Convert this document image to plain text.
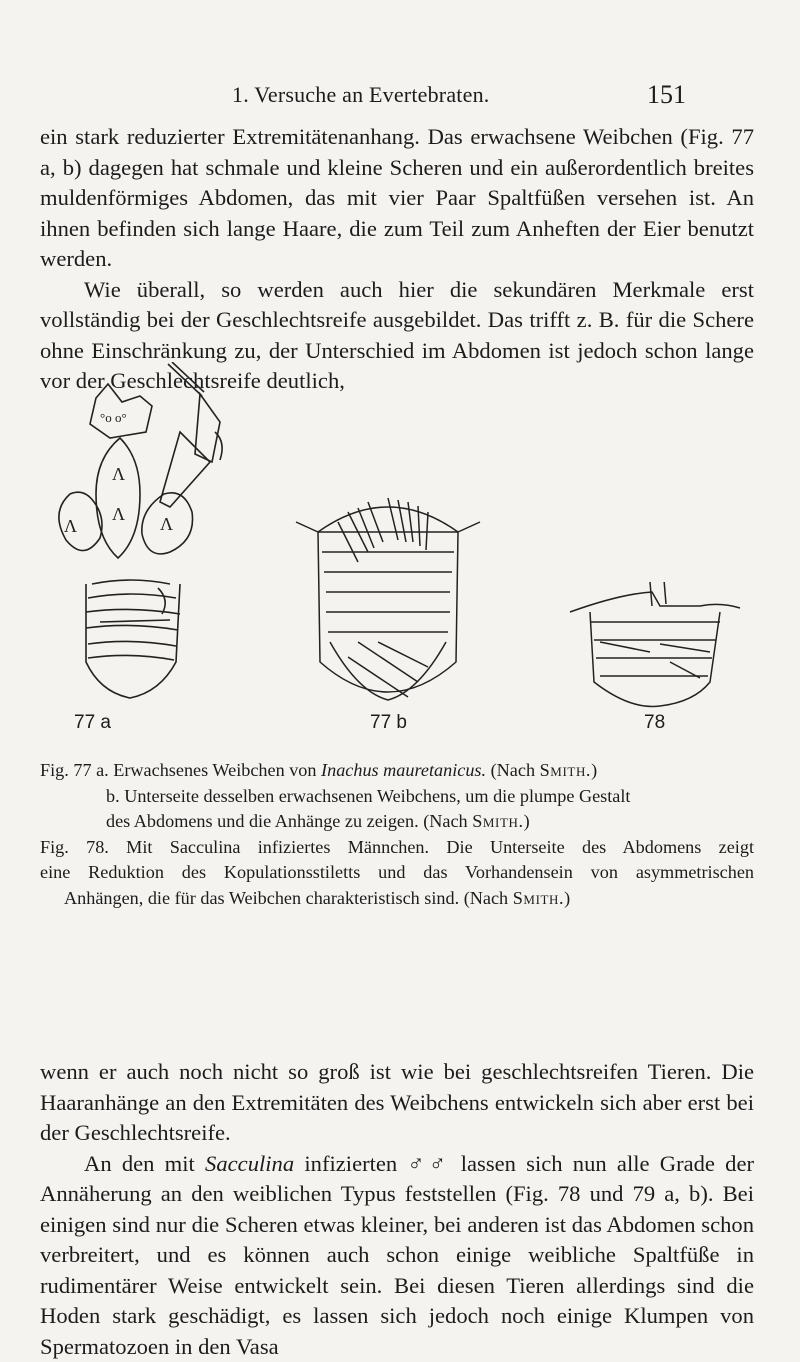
1. Versuche an Evertebraten.	151

ein stark reduzierter Extremitätenanhang. Das erwachsene Weibchen (Fig. 77 a, b) dagegen hat schmale und kleine Scheren und ein außerordentlich breites muldenförmiges Abdomen, das mit vier Paar Spaltfüßen versehen ist. An ihnen befinden sich lange Haare, die zum Teil zum Anheften der Eier benutzt werden.

Wie überall, so werden auch hier die sekundären Merkmale erst vollständig bei der Geschlechtsreife ausgebildet. Das trifft z. B. für die Schere ohne Einschränkung zu, der Unterschied im Abdomen ist jedoch schon lange vor der Geschlechtsreife deutlich,

°o o°
Λ
Λ
Λ	Λ
77 a	77 b	78
Fig. 77 a. Erwachsenes Weibchen von Inachus mauretanicus. (Nach Smith.)
b. Unterseite desselben erwachsenen Weibchens, um die plumpe Gestalt
des Abdomens und die Anhänge zu zeigen. (Nach Smith.)
Fig. 78. Mit Sacculina infiziertes Männchen. Die Unterseite des Abdomens zeigt
eine Reduktion des Kopulationsstiletts und das Vorhandensein von asymmetrischen
Anhängen, die für das Weibchen charakteristisch sind. (Nach Smith.)

wenn er auch noch nicht so groß ist wie bei geschlechtsreifen Tieren. Die Haaranhänge an den Extremitäten des Weibchens entwickeln sich aber erst bei der Geschlechtsreife.

An den mit Sacculina infizierten ♂♂ lassen sich nun alle Grade der Annäherung an den weiblichen Typus feststellen (Fig. 78 und 79 a, b). Bei einigen sind nur die Scheren etwas kleiner, bei anderen ist das Abdomen schon verbreitert, und es können auch schon einige weibliche Spaltfüße in rudimentärer Weise entwickelt sein. Bei diesen Tieren allerdings sind die Hoden stark geschädigt, es lassen sich jedoch noch einige Klumpen von Spermatozoen in den Vasa
